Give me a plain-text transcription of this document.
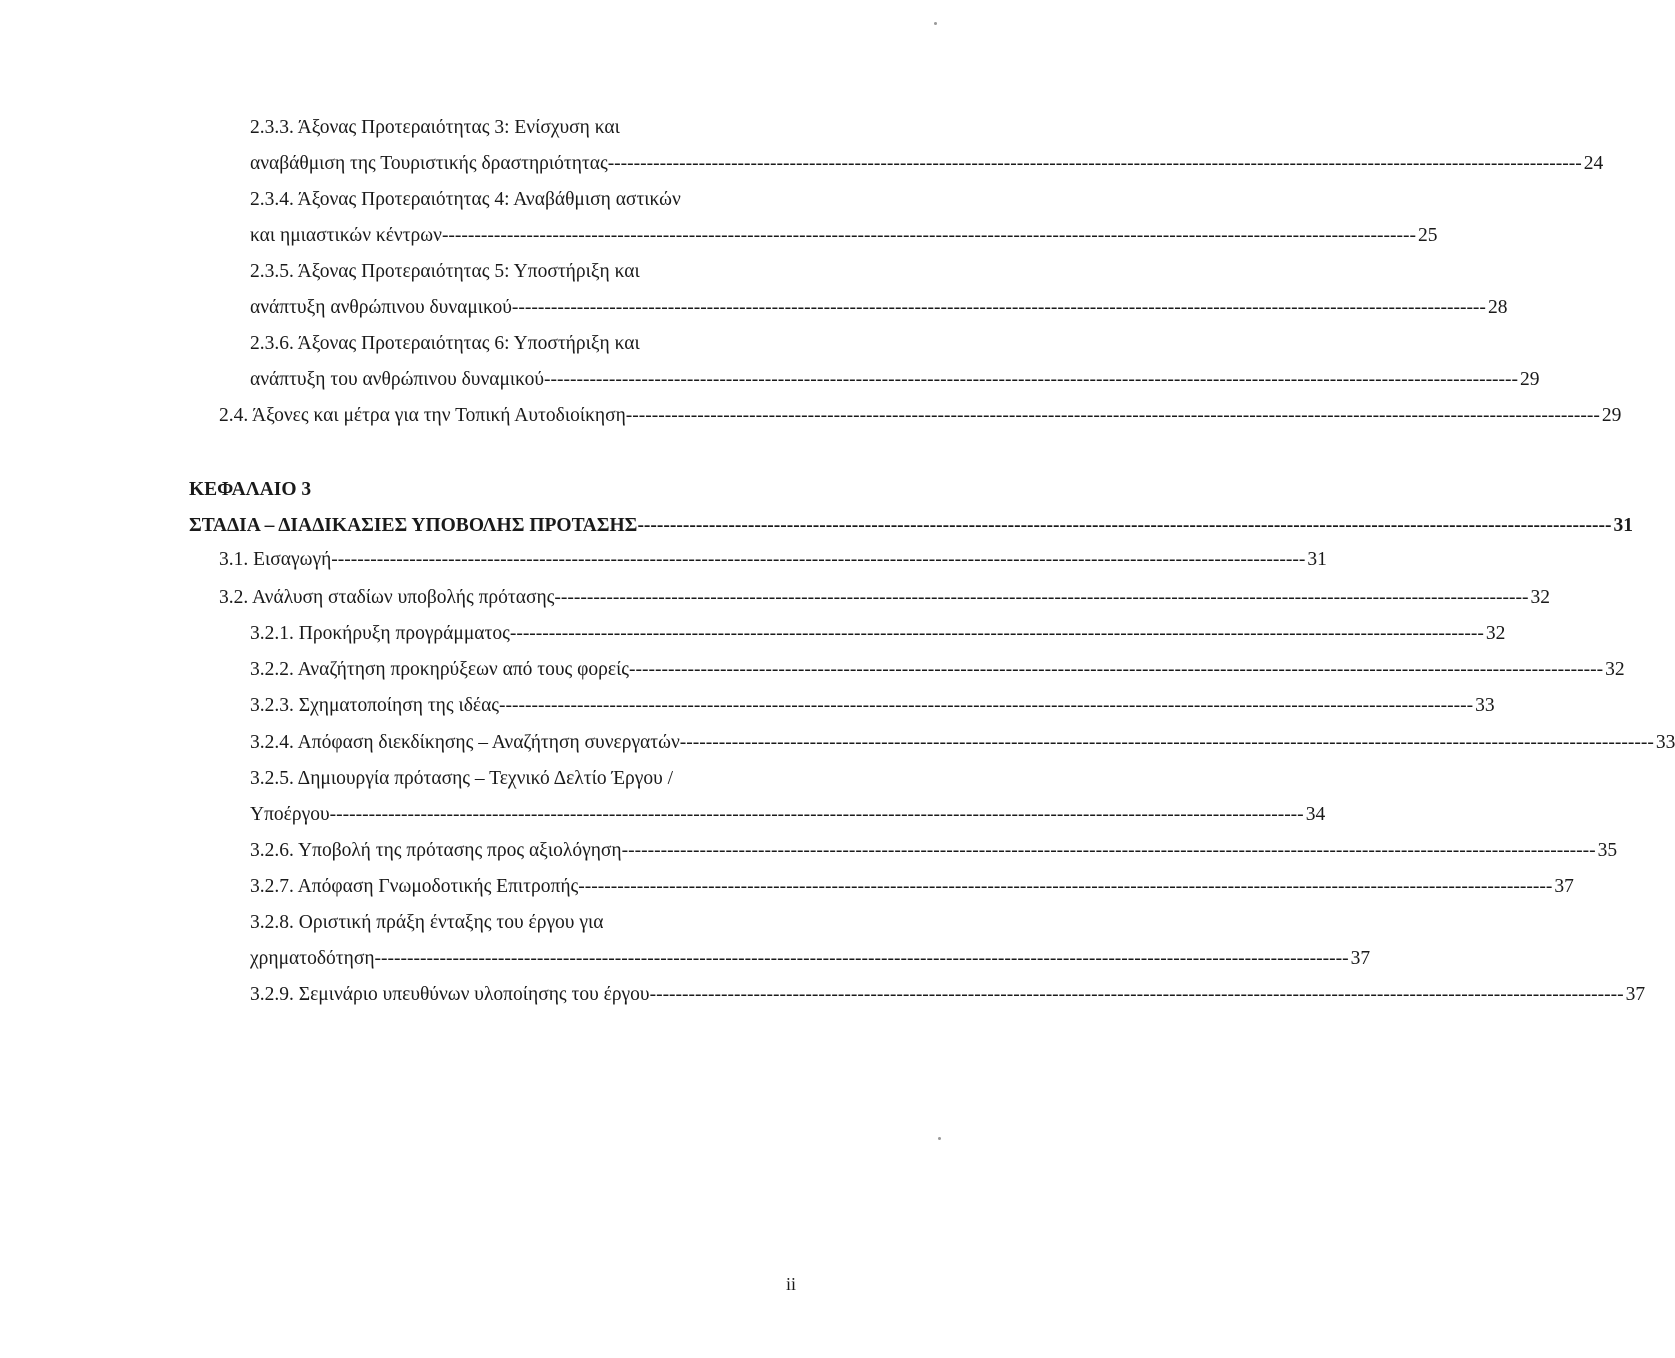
2.3.3. Άξονας Προτεραιότητας 3: Ενίσχυση και
αναβάθμιση της Τουριστικής δραστηριότητας ------------------------------------------------------------------------------------------------------------------------------------------------------ 24
2.3.4. Άξονας Προτεραιότητας 4: Αναβάθμιση αστικών
και ημιαστικών κέντρων ------------------------------------------------------------------------------------------------------------------------------------------------------ 25
2.3.5. Άξονας Προτεραιότητας 5: Υποστήριξη και
ανάπτυξη ανθρώπινου δυναμικού ------------------------------------------------------------------------------------------------------------------------------------------------------ 28
2.3.6. Άξονας Προτεραιότητας 6: Υποστήριξη και
ανάπτυξη του ανθρώπινου δυναμικού ------------------------------------------------------------------------------------------------------------------------------------------------------ 29
2.4. Άξονες και μέτρα για την Τοπική Αυτοδιοίκηση ------------------------------------------------------------------------------------------------------------------------------------------------------ 29
ΚΕΦΑΛΑΙΟ 3
ΣΤΑΔΙΑ – ΔΙΑΔΙΚΑΣΙΕΣ ΥΠΟΒΟΛΗΣ ΠΡΟΤΑΣΗΣ ------------------------------------------------------------------------------------------------------------------------------------------------------ 31
3.1. Εισαγωγή ------------------------------------------------------------------------------------------------------------------------------------------------------ 31
3.2. Ανάλυση σταδίων υποβολής πρότασης ------------------------------------------------------------------------------------------------------------------------------------------------------ 32
3.2.1. Προκήρυξη προγράμματος ------------------------------------------------------------------------------------------------------------------------------------------------------ 32
3.2.2. Αναζήτηση προκηρύξεων από τους φορείς ------------------------------------------------------------------------------------------------------------------------------------------------------ 32
3.2.3. Σχηματοποίηση της ιδέας ------------------------------------------------------------------------------------------------------------------------------------------------------ 33
3.2.4. Απόφαση διεκδίκησης – Αναζήτηση συνεργατών ------------------------------------------------------------------------------------------------------------------------------------------------------ 33
3.2.5. Δημιουργία πρότασης – Τεχνικό Δελτίο Έργου /
Υποέργου ------------------------------------------------------------------------------------------------------------------------------------------------------ 34
3.2.6. Υποβολή της πρότασης προς αξιολόγηση ------------------------------------------------------------------------------------------------------------------------------------------------------ 35
3.2.7. Απόφαση Γνωμοδοτικής Επιτροπής ------------------------------------------------------------------------------------------------------------------------------------------------------ 37
3.2.8. Οριστική πράξη ένταξης του έργου για
χρηματοδότηση ------------------------------------------------------------------------------------------------------------------------------------------------------ 37
3.2.9. Σεμινάριο υπευθύνων υλοποίησης του έργου ------------------------------------------------------------------------------------------------------------------------------------------------------ 37
ii
